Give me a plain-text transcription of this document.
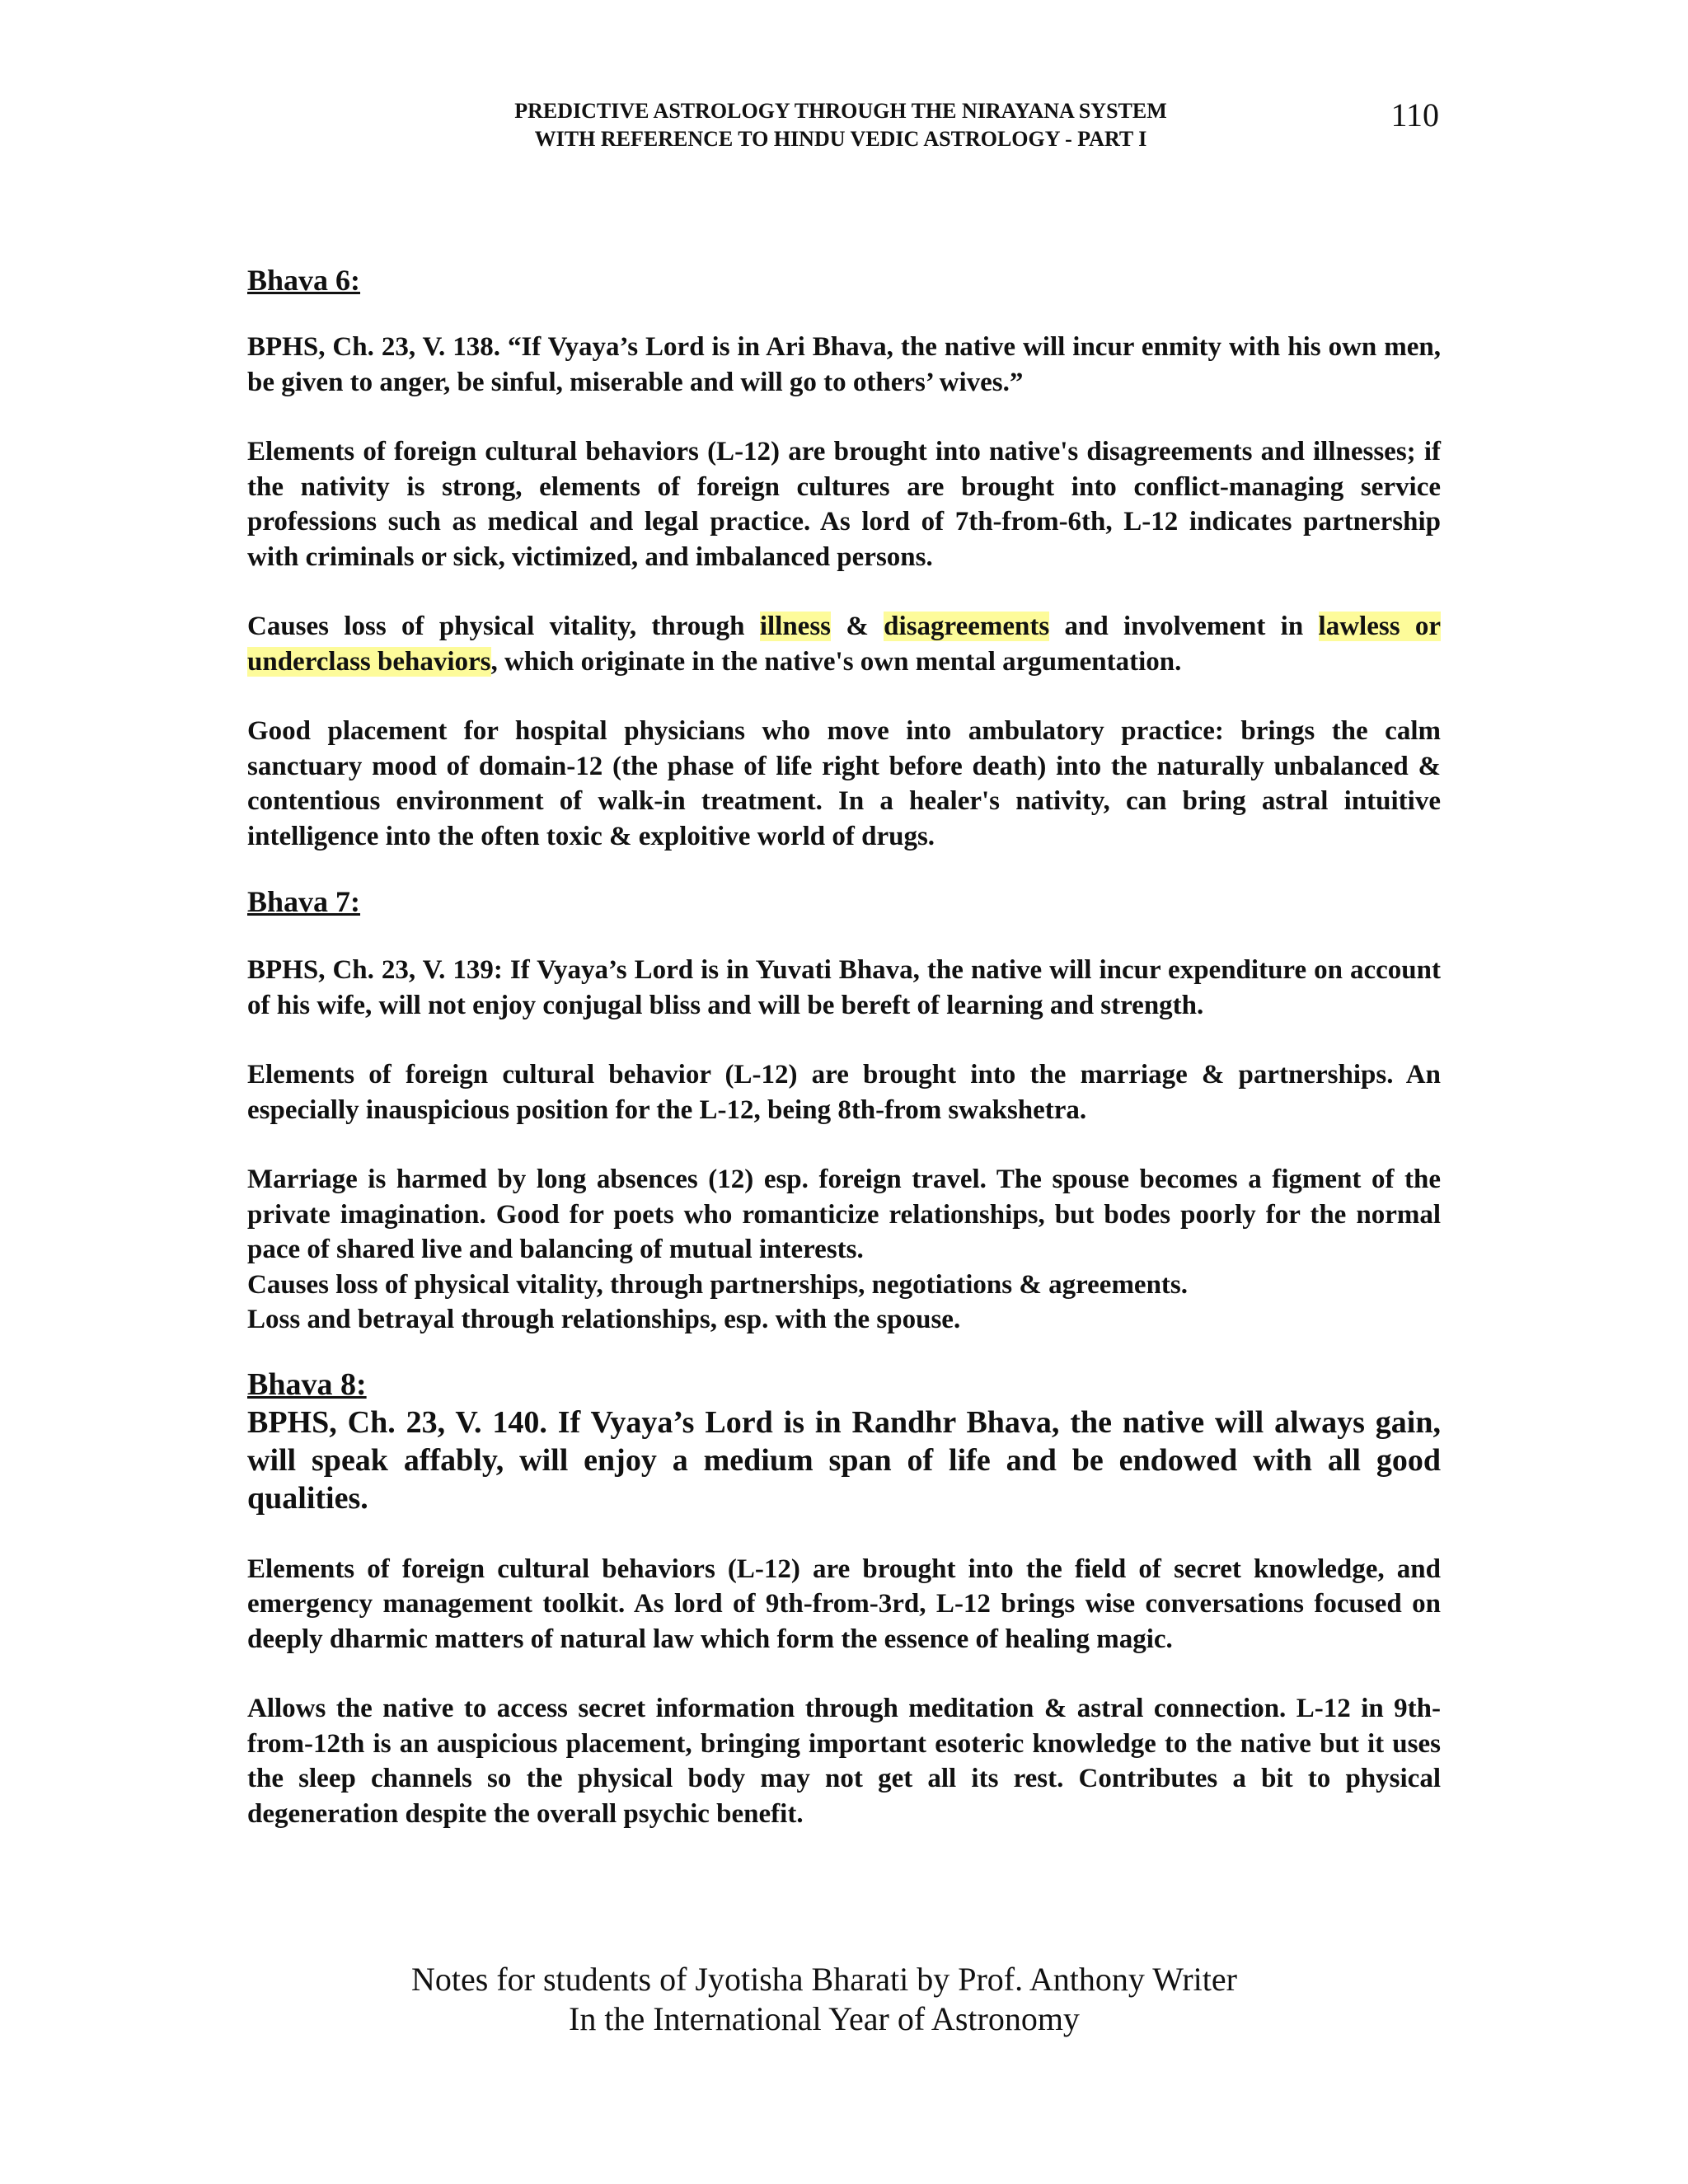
PREDICTIVE ASTROLOGY THROUGH THE NIRAYANA SYSTEM
WITH REFERENCE TO HINDU VEDIC ASTROLOGY - PART I
110
Bhava 6:

BPHS, Ch. 23, V. 138. “If Vyaya’s Lord is in Ari Bhava, the native will incur enmity with his own men, be given to anger, be sinful, miserable and will go to others’ wives.”

Elements of foreign cultural behaviors (L-12) are brought into native's disagreements and illnesses; if the nativity is strong, elements of foreign cultures are brought into conflict-managing service professions such as medical and legal practice. As lord of 7th-from-6th, L-12 indicates partnership with criminals or sick, victimized, and imbalanced persons.

Causes loss of physical vitality, through illness & disagreements and involvement in lawless or underclass behaviors, which originate in the native's own mental argumentation.

Good placement for hospital physicians who move into ambulatory practice: brings the calm sanctuary mood of domain-12 (the phase of life right before death) into the naturally unbalanced & contentious environment of walk-in treatment. In a healer's nativity, can bring astral intuitive intelligence into the often toxic & exploitive world of drugs.

Bhava 7:

BPHS, Ch. 23, V. 139: If Vyaya’s Lord is in Yuvati Bhava, the native will incur expenditure on account of his wife, will not enjoy conjugal bliss and will be bereft of learning and strength.

Elements of foreign cultural behavior (L-12) are brought into the marriage & partnerships. An especially inauspicious position for the L-12, being 8th-from swakshetra.

Marriage is harmed by long absences (12) esp. foreign travel. The spouse becomes a figment of the private imagination. Good for poets who romanticize relationships, but bodes poorly for the normal pace of shared live and balancing of mutual interests.

Causes loss of physical vitality, through partnerships, negotiations & agreements.

Loss and betrayal through relationships, esp. with the spouse.

Bhava 8:

BPHS, Ch. 23, V. 140. If Vyaya’s Lord is in Randhr Bhava, the native will always gain, will speak affably, will enjoy a medium span of life and be endowed with all good qualities.

Elements of foreign cultural behaviors (L-12) are brought into the field of secret knowledge, and emergency management toolkit. As lord of 9th-from-3rd, L-12 brings wise conversations focused on deeply dharmic matters of natural law which form the essence of healing magic.

Allows the native to access secret information through meditation & astral connection. L-12 in 9th-from-12th is an auspicious placement, bringing important esoteric knowledge to the native but it uses the sleep channels so the physical body may not get all its rest. Contributes a bit to physical degeneration despite the overall psychic benefit.

Notes for students of Jyotisha Bharati by Prof. Anthony Writer
In the International Year of Astronomy
